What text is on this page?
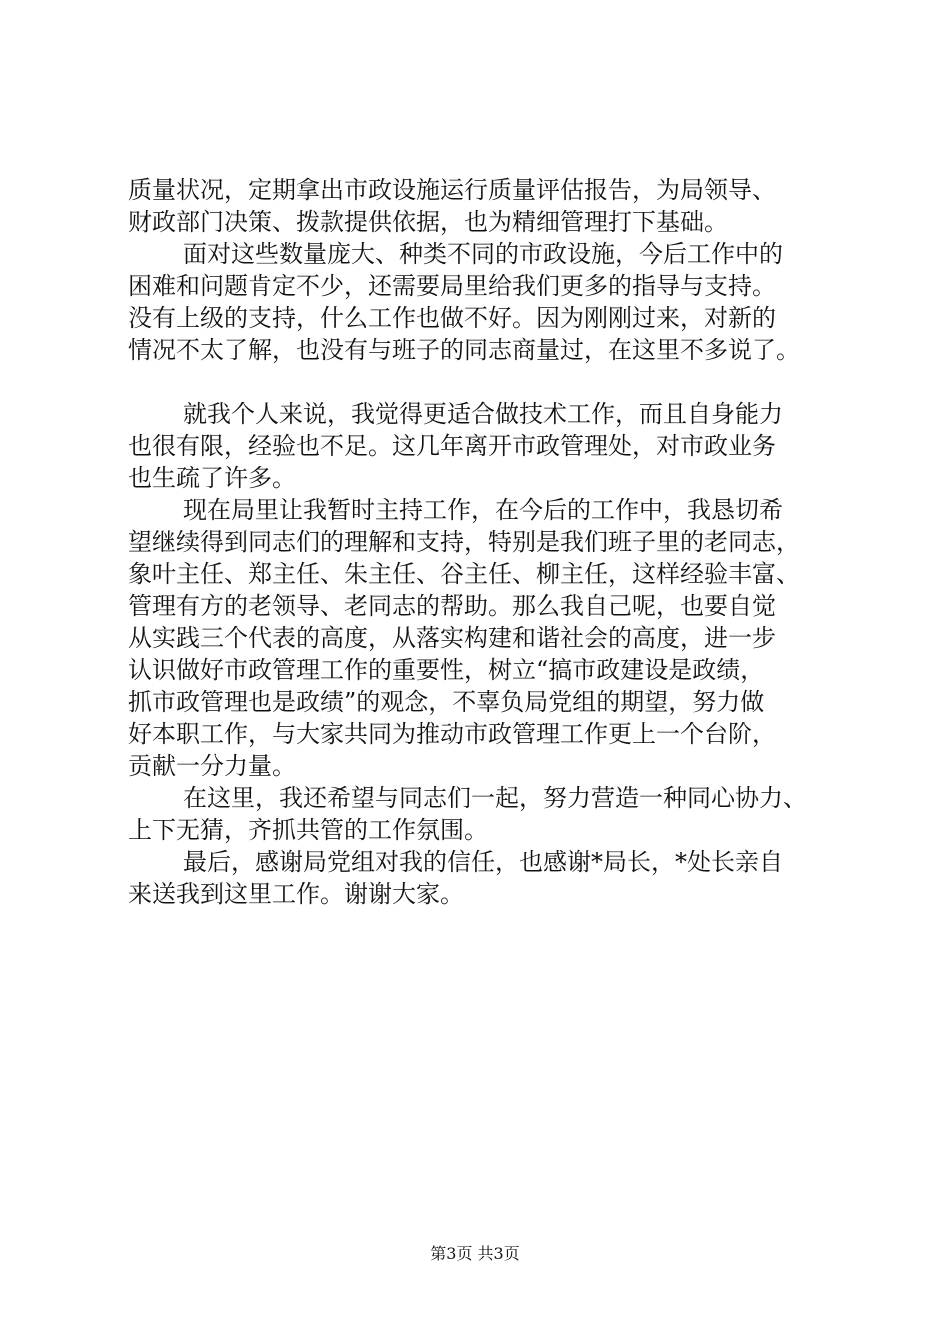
质量状况，定期拿出市政设施运行质量评估报告，为局领导、
财政部门决策、拨款提供依据，也为精细管理打下基础。
面对这些数量庞大、种类不同的市政设施，今后工作中的
困难和问题肯定不少，还需要局里给我们更多的指导与支持。
没有上级的支持，什么工作也做不好。因为刚刚过来，对新的
情况不太了解，也没有与班子的同志商量过，在这里不多说了。
就我个人来说，我觉得更适合做技术工作，而且自身能力
也很有限，经验也不足。这几年离开市政管理处，对市政业务
也生疏了许多。
现在局里让我暂时主持工作，在今后的工作中，我恳切希
望继续得到同志们的理解和支持，特别是我们班子里的老同志，
象叶主任、郑主任、朱主任、谷主任、柳主任，这样经验丰富、
管理有方的老领导、老同志的帮助。那么我自己呢，也要自觉
从实践三个代表的高度，从落实构建和谐社会的高度，进一步
认识做好市政管理工作的重要性，树立“搞市政建设是政绩，
抓市政管理也是政绩”的观念，不辜负局党组的期望，努力做
好本职工作，与大家共同为推动市政管理工作更上一个台阶，
贡献一分力量。
在这里，我还希望与同志们一起，努力营造一种同心协力、
上下无猜，齐抓共管的工作氛围。
最后，感谢局党组对我的信任，也感谢*局长，*处长亲自
来送我到这里工作。谢谢大家。
第3页 共3页
